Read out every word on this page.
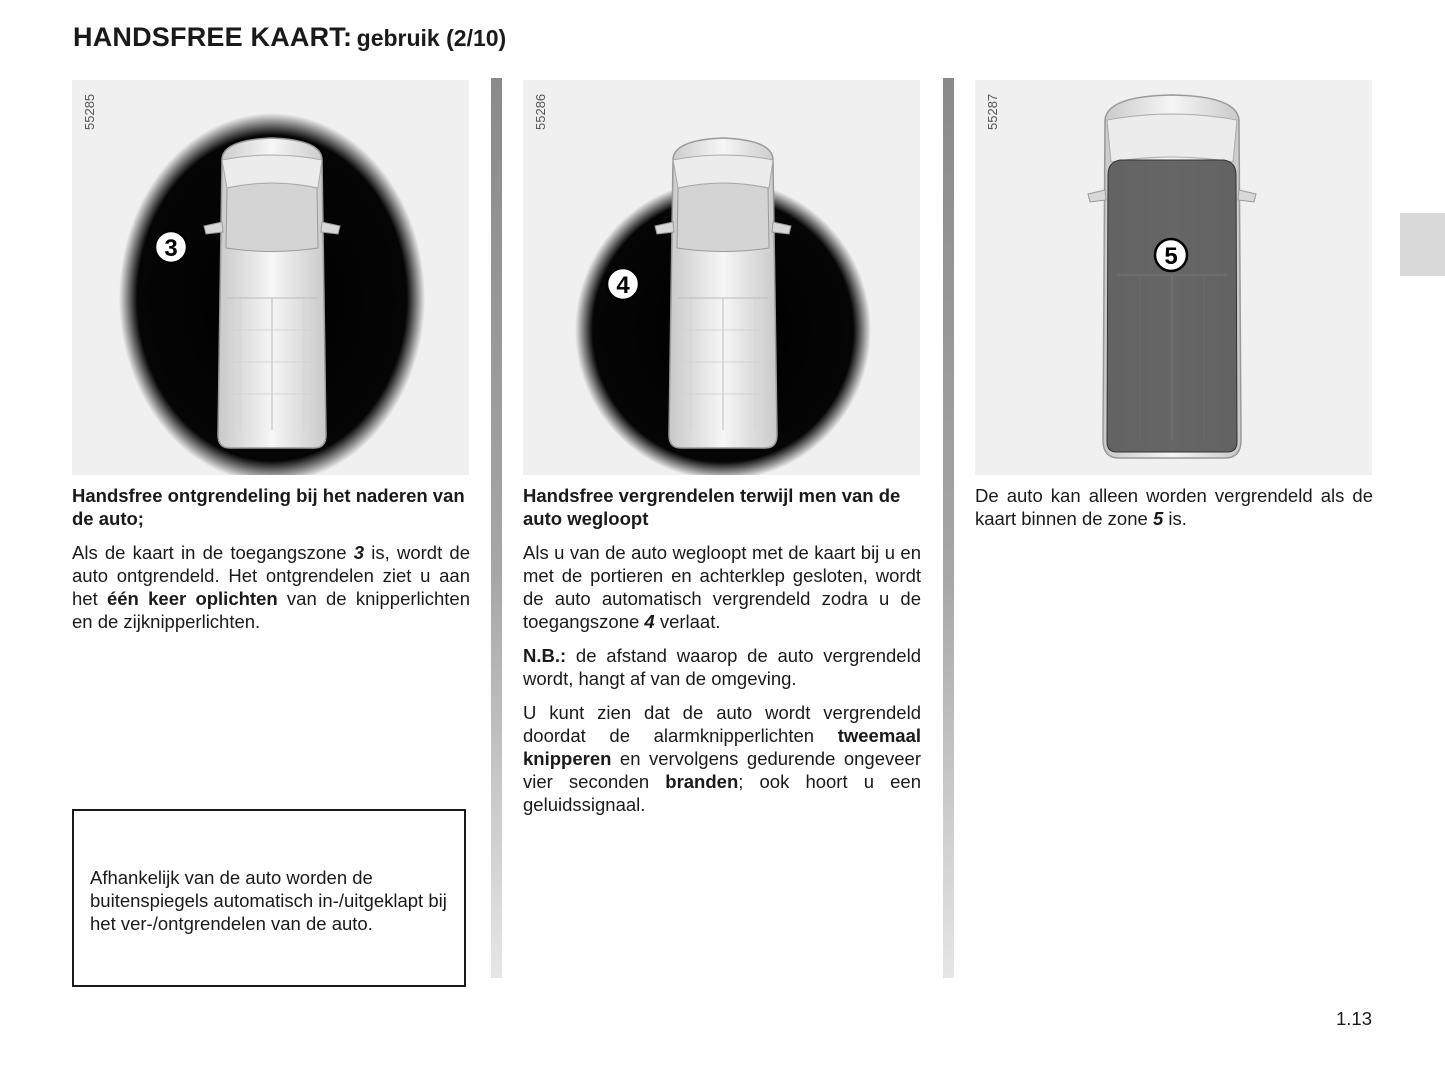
HANDSFREE KAART: gebruik (2/10)
3
55285
4
55286
5
55287

Handsfree ontgrendeling bij het naderen van de auto;

Als de kaart in de toegangszone 3 is, wordt de auto ontgrendeld. Het ontgrendelen ziet u aan het één keer oplichten van de knipperlichten en de zijknipperlichten.

Handsfree vergrendelen terwijl men van de auto wegloopt

Als u van de auto wegloopt met de kaart bij u en met de portieren en achterklep gesloten, wordt de auto automatisch vergrendeld zodra u de toegangszone 4 verlaat.

N.B.: de afstand waarop de auto vergrendeld wordt, hangt af van de omgeving.

U kunt zien dat de auto wordt vergrendeld doordat de alarmknipperlichten tweemaal knipperen en vervolgens gedurende ongeveer vier seconden branden; ook hoort u een geluidssignaal.

De auto kan alleen worden vergrendeld als de kaart binnen de zone 5 is.

Afhankelijk van de auto worden de buitenspiegels automatisch in-/uitgeklapt bij het ver-/ontgrendelen van de auto.

1.13
